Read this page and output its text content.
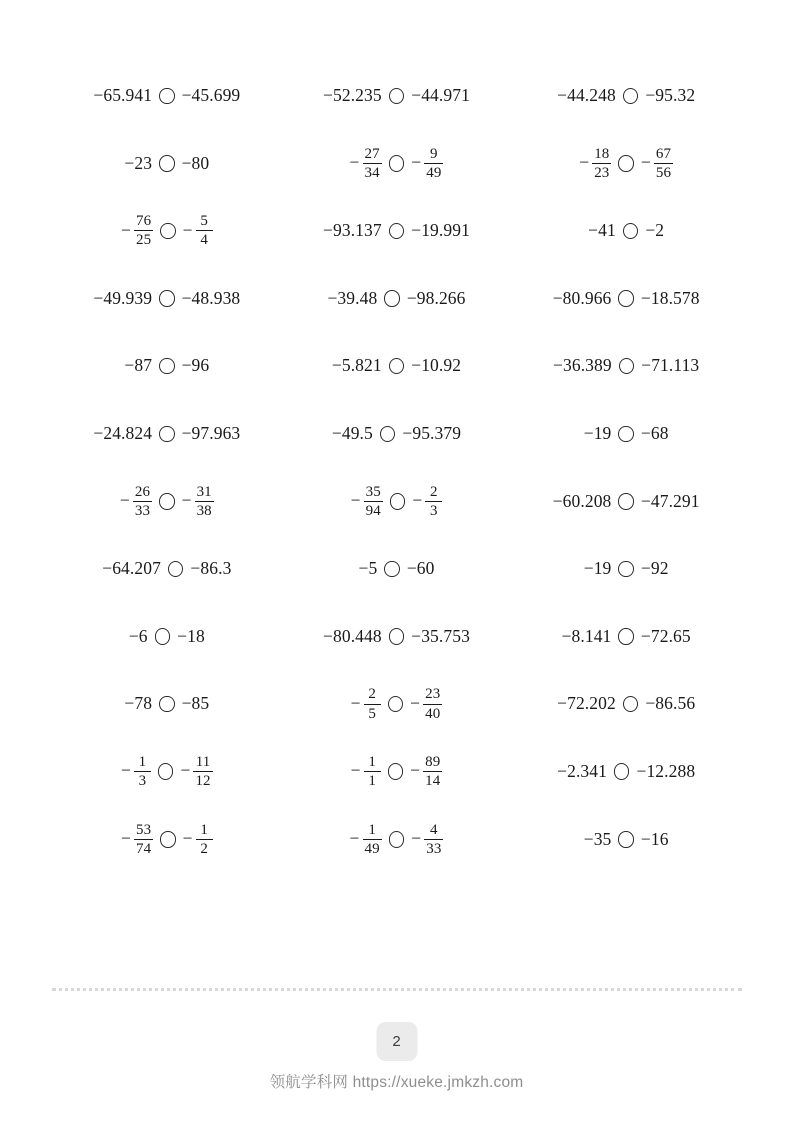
−65.941 −45.699	−52.235 −44.971	−44.248 −95.32
−23 −80	− $\frac{27}{34} - \frac{9}{49}$	− $\frac{18}{23} - \frac{67}{56}$
− $\frac{76}{25} - \frac{5}{4}$	−93.137 −19.991	−41 −2
−49.939 −48.938	−39.48 −98.266	−80.966 −18.578
−87 −96	−5.821 −10.92	−36.389 −71.113
−24.824 −97.963	−49.5 −95.379	−19 −68
− $\frac{26}{33} - \frac{31}{38}$	− $\frac{35}{94} - \frac{2}{3}$	−60.208 −47.291
−64.207 −86.3	−5 −60	−19 −92
−6 −18	−80.448 −35.753	−8.141 −72.65
−78 −85	− $\frac{2}{5} - \frac{23}{40}$	−72.202 −86.56
− $\frac{1}{3} - \frac{11}{12}$	− $\frac{1}{1} - \frac{89}{14}$	−2.341 −12.288
− $\frac{53}{74} - \frac{1}{2}$	− $\frac{1}{49} - \frac{4}{33}$	−35 −16
2
领航学科网 https://xueke.jmkzh.com
